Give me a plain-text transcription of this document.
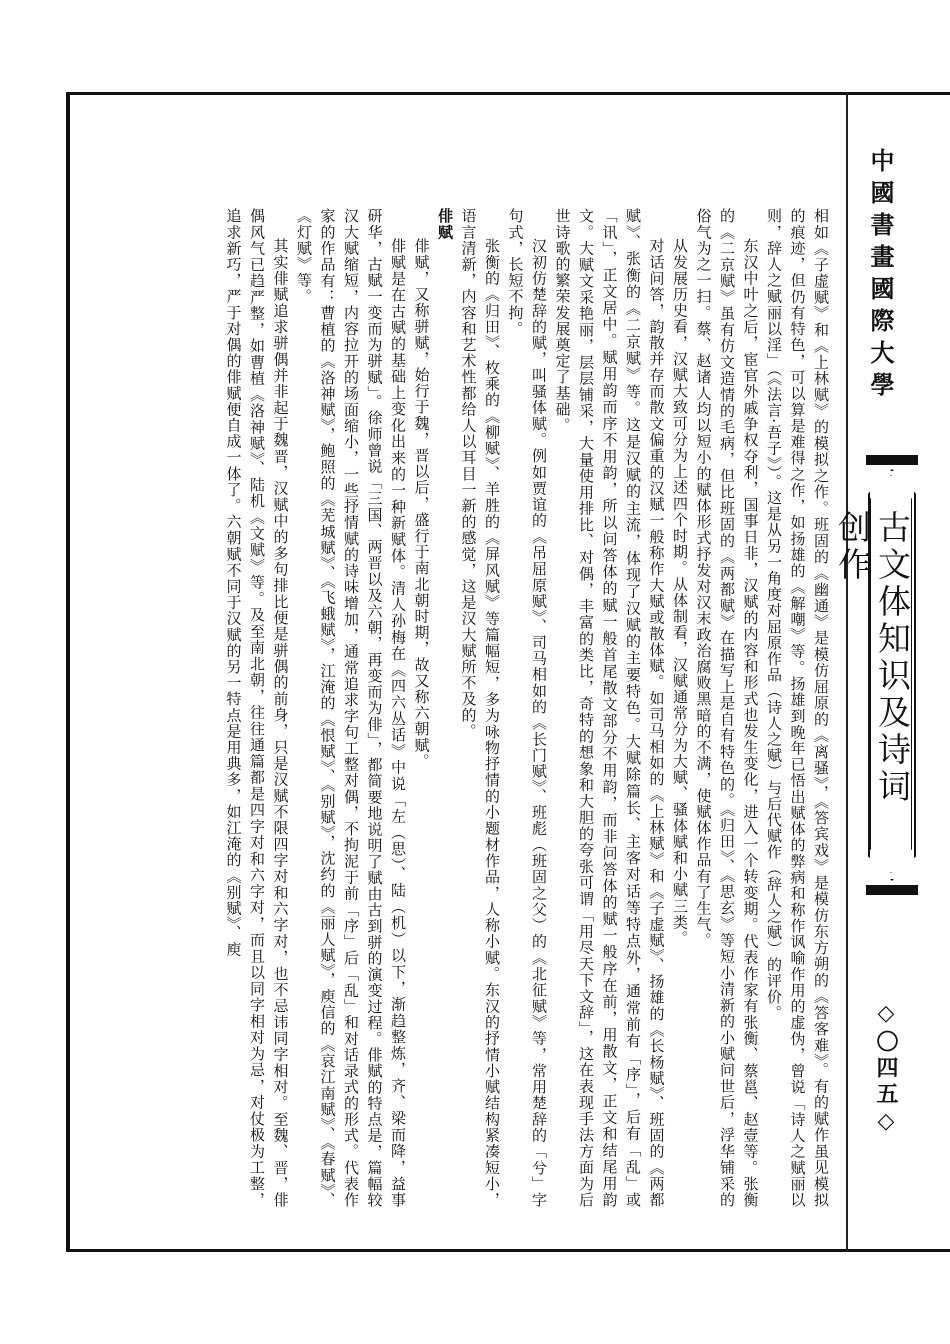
中國書畫國際大學
古文体知识及诗词创作
◇〇四五◇

相如《子虚赋》和《上林赋》的模拟之作。班固的《幽通》是模仿屈原的《离骚》，《答宾戏》是模仿东方朔的《答客难》。有的赋作虽见模拟的痕迹，但仍有特色，可以算是难得之作，如扬雄的《解嘲》等。扬雄到晚年已悟出赋体的弊病和称作讽喻作用的虚伪，曾说「诗人之赋丽以则，辞人之赋丽以淫」（《法言·吾子》）。这是从另一角度对屈原作品（诗人之赋）与后代赋作（辞人之赋）的评价。

东汉中叶之后，宦官外戚争权夺利，国事日非，汉赋的内容和形式也发生变化，进入一个转变期。代表作家有张衡、蔡邕、赵壹等。张衡的《二京赋》虽有仿文造情的毛病，但比班固的《两都赋》在描写上是自有特色的。《归田》、《思玄》等短小清新的小赋问世后，浮华铺采的俗气为之一扫。蔡、赵诸人均以短小的赋体形式抒发对汉末政治腐败黑暗的不满，使赋体作品有了生气。

从发展历史看，汉赋大致可分为上述四个时期。从体制看，汉赋通常分为大赋、骚体赋和小赋三类。

对话问答，韵散并存而散文偏重的汉赋一般称作大赋或散体赋。如司马相如的《上林赋》和《子虚赋》、扬雄的《长杨赋》、班固的《两都赋》、张衡的《二京赋》等。这是汉赋的主流，体现了汉赋的主要特色。大赋除篇长、主客对话等特点外，通常前有「序」，后有「乱」或「讯」，正文居中。赋用韵而序不用韵，所以问答体的赋一般首尾散文部分不用韵，而非问答体的赋一般序在前，用散文，正文和结尾用韵文。大赋文采艳丽，层层铺采，大量使用排比、对偶，丰富的类比，奇特的想象和大胆的夸张可谓「用尽天下文辞」，这在表现手法方面为后世诗歌的繁荣发展奠定了基础。

汉初仿楚辞的赋，叫骚体赋。例如贾谊的《吊屈原赋》、司马相如的《长门赋》、班彪（班固之父）的《北征赋》等，常用楚辞的「兮」字句式，长短不拘。

张衡的《归田》、枚乘的《柳赋》、羊胜的《屏风赋》等篇幅短，多为咏物抒情的小题材作品，人称小赋。东汉的抒情小赋结构紧凑短小，语言清新，内容和艺术性都给人以耳目一新的感觉，这是汉大赋所不及的。

俳赋

俳赋，又称骈赋，始行于魏，晋以后，盛行于南北朝时期，故又称六朝赋。

俳赋是在古赋的基础上变化出来的一种新赋体。清人孙梅在《四六丛话》中说「左（思）、陆（机）以下，渐趋整炼，齐、梁而降，益事研华，古赋一变而为骈赋」。徐师曾说「三国、两晋以及六朝，再变而为俳」，都简要地说明了赋由古到骈的演变过程。俳赋的特点是，篇幅较汉大赋缩短，内容拉开的场面缩小，一些抒情赋的诗味增加，通常追求字句工整对偶，不拘泥于前「序」后「乱」和对话录式的形式。代表作家的作品有：曹植的《洛神赋》，鲍照的《芜城赋》、《飞蛾赋》，江淹的《恨赋》、《别赋》，沈约的《丽人赋》，庾信的《哀江南赋》、《春赋》、《灯赋》等。

其实俳赋追求骈偶并非起于魏晋，汉赋中的多句排比便是骈偶的前身，只是汉赋不限四字对和六字对，也不忌讳同字相对。至魏、晋，俳偶风气已趋严整，如曹植《洛神赋》、陆机《文赋》等。及至南北朝，往往通篇都是四字对和六字对，而且以同字相对为忌，对仗极为工整，追求新巧，严于对偶的俳赋便自成一体了。六朝赋不同于汉赋的另一特点是用典多，如江淹的《别赋》、庾
